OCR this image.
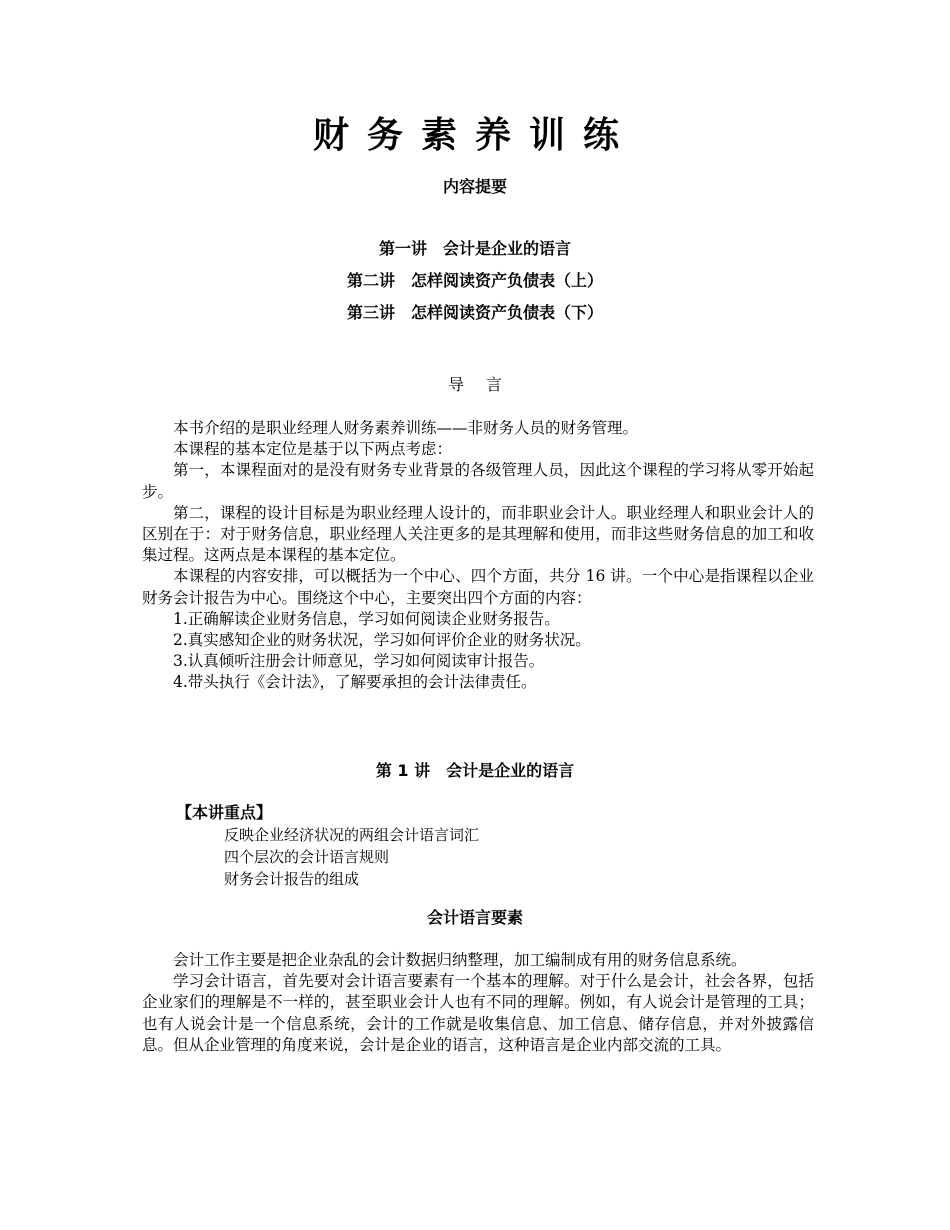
财务素养训练
内容提要
第一讲　会计是企业的语言
第二讲　怎样阅读资产负债表（上）
第三讲　怎样阅读资产负债表（下）
导言

本书介绍的是职业经理人财务素养训练——非财务人员的财务管理。

本课程的基本定位是基于以下两点考虑：

第一，本课程面对的是没有财务专业背景的各级管理人员，因此这个课程的学习将从零开始起步。

第二，课程的设计目标是为职业经理人设计的，而非职业会计人。职业经理人和职业会计人的区别在于：对于财务信息，职业经理人关注更多的是其理解和使用，而非这些财务信息的加工和收集过程。这两点是本课程的基本定位。

本课程的内容安排，可以概括为一个中心、四个方面，共分 16 讲。一个中心是指课程以企业财务会计报告为中心。围绕这个中心，主要突出四个方面的内容：

1.正确解读企业财务信息，学习如何阅读企业财务报告。

2.真实感知企业的财务状况，学习如何评价企业的财务状况。

3.认真倾听注册会计师意见，学习如何阅读审计报告。

4.带头执行《会计法》，了解要承担的会计法律责任。

第 1 讲　会计是企业的语言
【本讲重点】
反映企业经济状况的两组会计语言词汇
四个层次的会计语言规则
财务会计报告的组成
会计语言要素

会计工作主要是把企业杂乱的会计数据归纳整理，加工编制成有用的财务信息系统。

学习会计语言，首先要对会计语言要素有一个基本的理解。对于什么是会计，社会各界，包括企业家们的理解是不一样的，甚至职业会计人也有不同的理解。例如，有人说会计是管理的工具；也有人说会计是一个信息系统，会计的工作就是收集信息、加工信息、储存信息，并对外披露信息。但从企业管理的角度来说，会计是企业的语言，这种语言是企业内部交流的工具。
